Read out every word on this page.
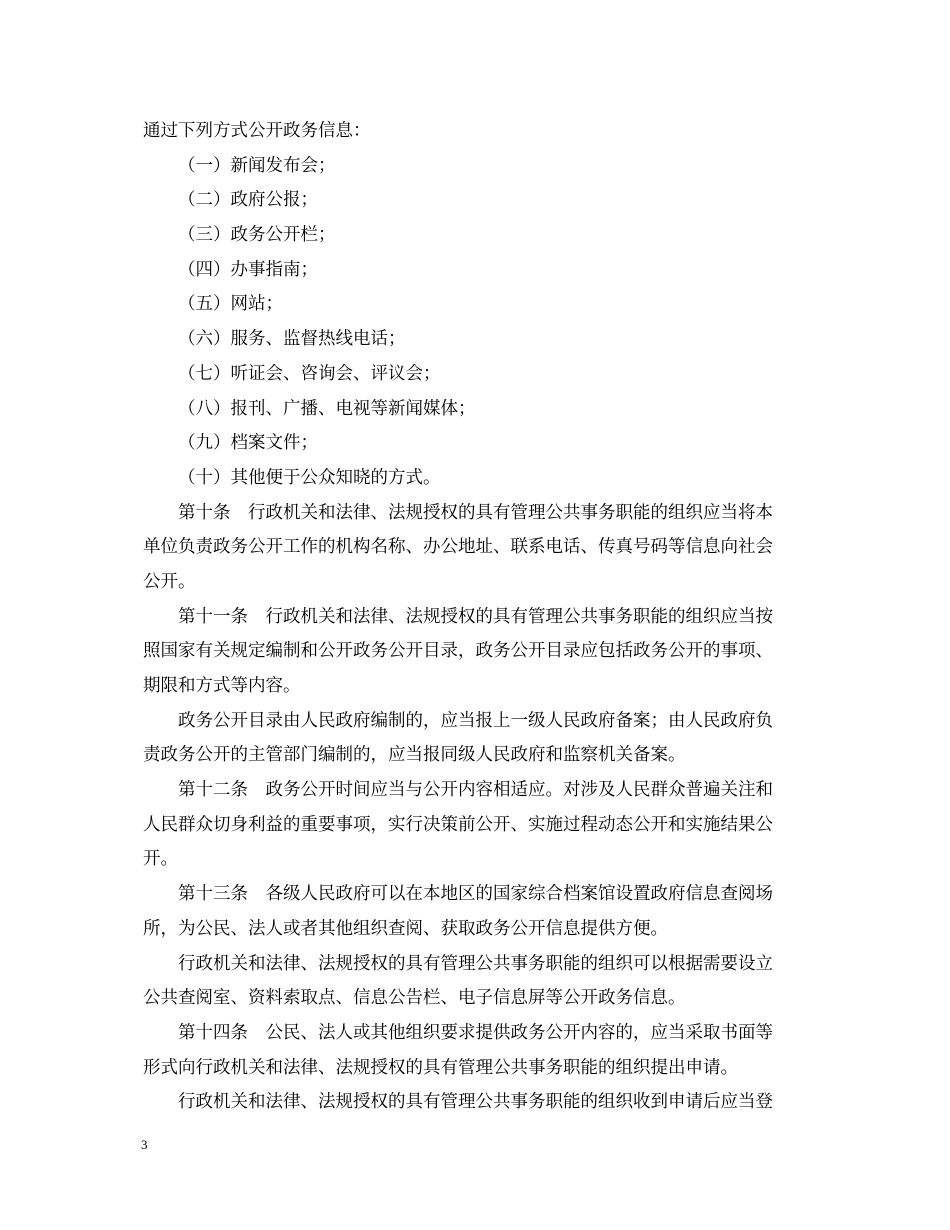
通过下列方式公开政务信息：
（一）新闻发布会；
（二）政府公报；
（三）政务公开栏；
（四）办事指南；
（五）网站；
（六）服务、监督热线电话；
（七）听证会、咨询会、评议会；
（八）报刊、广播、电视等新闻媒体；
（九）档案文件；
（十）其他便于公众知晓的方式。
第十条　行政机关和法律、法规授权的具有管理公共事务职能的组织应当将本
单位负责政务公开工作的机构名称、办公地址、联系电话、传真号码等信息向社会
公开。
第十一条　行政机关和法律、法规授权的具有管理公共事务职能的组织应当按
照国家有关规定编制和公开政务公开目录，政务公开目录应包括政务公开的事项、
期限和方式等内容。
政务公开目录由人民政府编制的，应当报上一级人民政府备案；由人民政府负
责政务公开的主管部门编制的，应当报同级人民政府和监察机关备案。
第十二条　政务公开时间应当与公开内容相适应。对涉及人民群众普遍关注和
人民群众切身利益的重要事项，实行决策前公开、实施过程动态公开和实施结果公
开。
第十三条　各级人民政府可以在本地区的国家综合档案馆设置政府信息查阅场
所，为公民、法人或者其他组织查阅、获取政务公开信息提供方便。
行政机关和法律、法规授权的具有管理公共事务职能的组织可以根据需要设立
公共查阅室、资料索取点、信息公告栏、电子信息屏等公开政务信息。
第十四条　公民、法人或其他组织要求提供政务公开内容的，应当采取书面等
形式向行政机关和法律、法规授权的具有管理公共事务职能的组织提出申请。
行政机关和法律、法规授权的具有管理公共事务职能的组织收到申请后应当登
3
